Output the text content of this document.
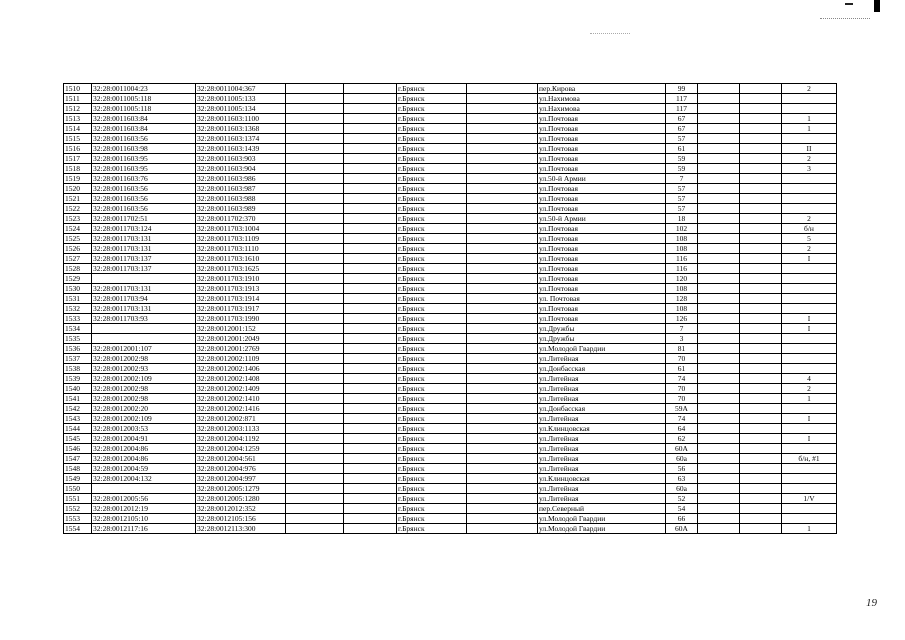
1510	32:28:0011004:23	32:28:0011004:367			г.Брянск		пер.Кирова	99			2
1511	32:28:0011005:118	32:28:0011005:133			г.Брянск		ул.Нахимова	117			
1512	32:28:0011005:118	32:28:0011005:134			г.Брянск		ул.Нахимова	117			
1513	32:28:0011603:84	32:28:0011603:1100			г.Брянск		ул.Почтовая	67			1
1514	32:28:0011603:84	32:28:0011603:1368			г.Брянск		ул.Почтовая	67			1
1515	32:28:0011603:56	32:28:0011603:1374			г.Брянск		ул.Почтовая	57			
1516	32:28:0011603:98	32:28:0011603:1439			г.Брянск		ул.Почтовая	61			II
1517	32:28:0011603:95	32:28:0011603:903			г.Брянск		ул.Почтовая	59			2
1518	32:28:0011603:95	32:28:0011603:904			г.Брянск		ул.Почтовая	59			3
1519	32:28:0011603:76	32:28:0011603:986			г.Брянск		ул.50-й Армии	7			
1520	32:28:0011603:56	32:28:0011603:987			г.Брянск		ул.Почтовая	57			
1521	32:28:0011603:56	32:28:0011603:988			г.Брянск		ул.Почтовая	57			
1522	32:28:0011603:56	32:28:0011603:989			г.Брянск		ул.Почтовая	57			
1523	32:28:0011702:51	32:28:0011702:370			г.Брянск		ул.50-й Армии	18			2
1524	32:28:0011703:124	32:28:0011703:1004			г.Брянск		ул.Почтовая	102			б/н
1525	32:28:0011703:131	32:28:0011703:1109			г.Брянск		ул.Почтовая	108			5
1526	32:28:0011703:131	32:28:0011703:1110			г.Брянск		ул.Почтовая	108			2
1527	32:28:0011703:137	32:28:0011703:1610			г.Брянск		ул.Почтовая	116			I
1528	32:28:0011703:137	32:28:0011703:1625			г.Брянск		ул.Почтовая	116			
1529		32:28:0011703:1910			г.Брянск		ул.Почтовая	120			
1530	32:28:0011703:131	32:28:0011703:1913			г.Брянск		ул.Почтовая	108			
1531	32:28:0011703:94	32:28:0011703:1914			г.Брянск		ул. Почтовая	128			
1532	32:28:0011703:131	32:28:0011703:1917			г.Брянск		ул.Почтовая	108			
1533	32:28:0011703:93	32:28:0011703:1990			г.Брянск		ул.Почтовая	126			I
1534		32:28:0012001:152			г.Брянск		ул.Дружбы	7			I
1535		32:28:0012001:2049			г.Брянск		ул.Дружбы	3			
1536	32:28:0012001:107	32:28:0012001:2769			г.Брянск		ул.Молодой Гвардии	81			
1537	32:28:0012002:98	32:28:0012002:1109			г.Брянск		ул.Литейная	70			
1538	32:28:0012002:93	32:28:0012002:1406			г.Брянск		ул.Донбасская	61			
1539	32:28:0012002:109	32:28:0012002:1408			г.Брянск		ул.Литейная	74			4
1540	32:28:0012002:98	32:28:0012002:1409			г.Брянск		ул.Литейная	70			2
1541	32:28:0012002:98	32:28:0012002:1410			г.Брянск		ул.Литейная	70			1
1542	32:28:0012002:20	32:28:0012002:1416			г.Брянск		ул.Донбасская	59А			
1543	32:28:0012002:109	32:28:0012002:871			г.Брянск		ул.Литейная	74			I
1544	32:28:0012003:53	32:28:0012003:1133			г.Брянск		ул.Клинцовская	64			
1545	32:28:0012004:91	32:28:0012004:1192			г.Брянск		ул.Литейная	62			I
1546	32:28:0012004:86	32:28:0012004:1259			г.Брянск		ул.Литейная	60А			
1547	32:28:0012004:86	32:28:0012004:561			г.Брянск		ул.Литейная	60а			б/н, #1
1548	32:28:0012004:59	32:28:0012004:976			г.Брянск		ул.Литейная	56			
1549	32:28:0012004:132	32:28:0012004:997			г.Брянск		ул.Клинцовская	63			
1550		32:28:0012005:1279			г.Брянск		ул.Литейная	60а			
1551	32:28:0012005:56	32:28:0012005:1280			г.Брянск		ул.Литейная	52			1/V
1552	32:28:0012012:19	32:28:0012012:352			г.Брянск		пер.Северный	54			
1553	32:28:0012105:10	32:28:0012105:156			г.Брянск		ул.Молодой Гвардии	66			
1554	32:28:0012117:16	32:28:0012113:300			г.Брянск		ул.Молодой Гвардии	60А			1
19
